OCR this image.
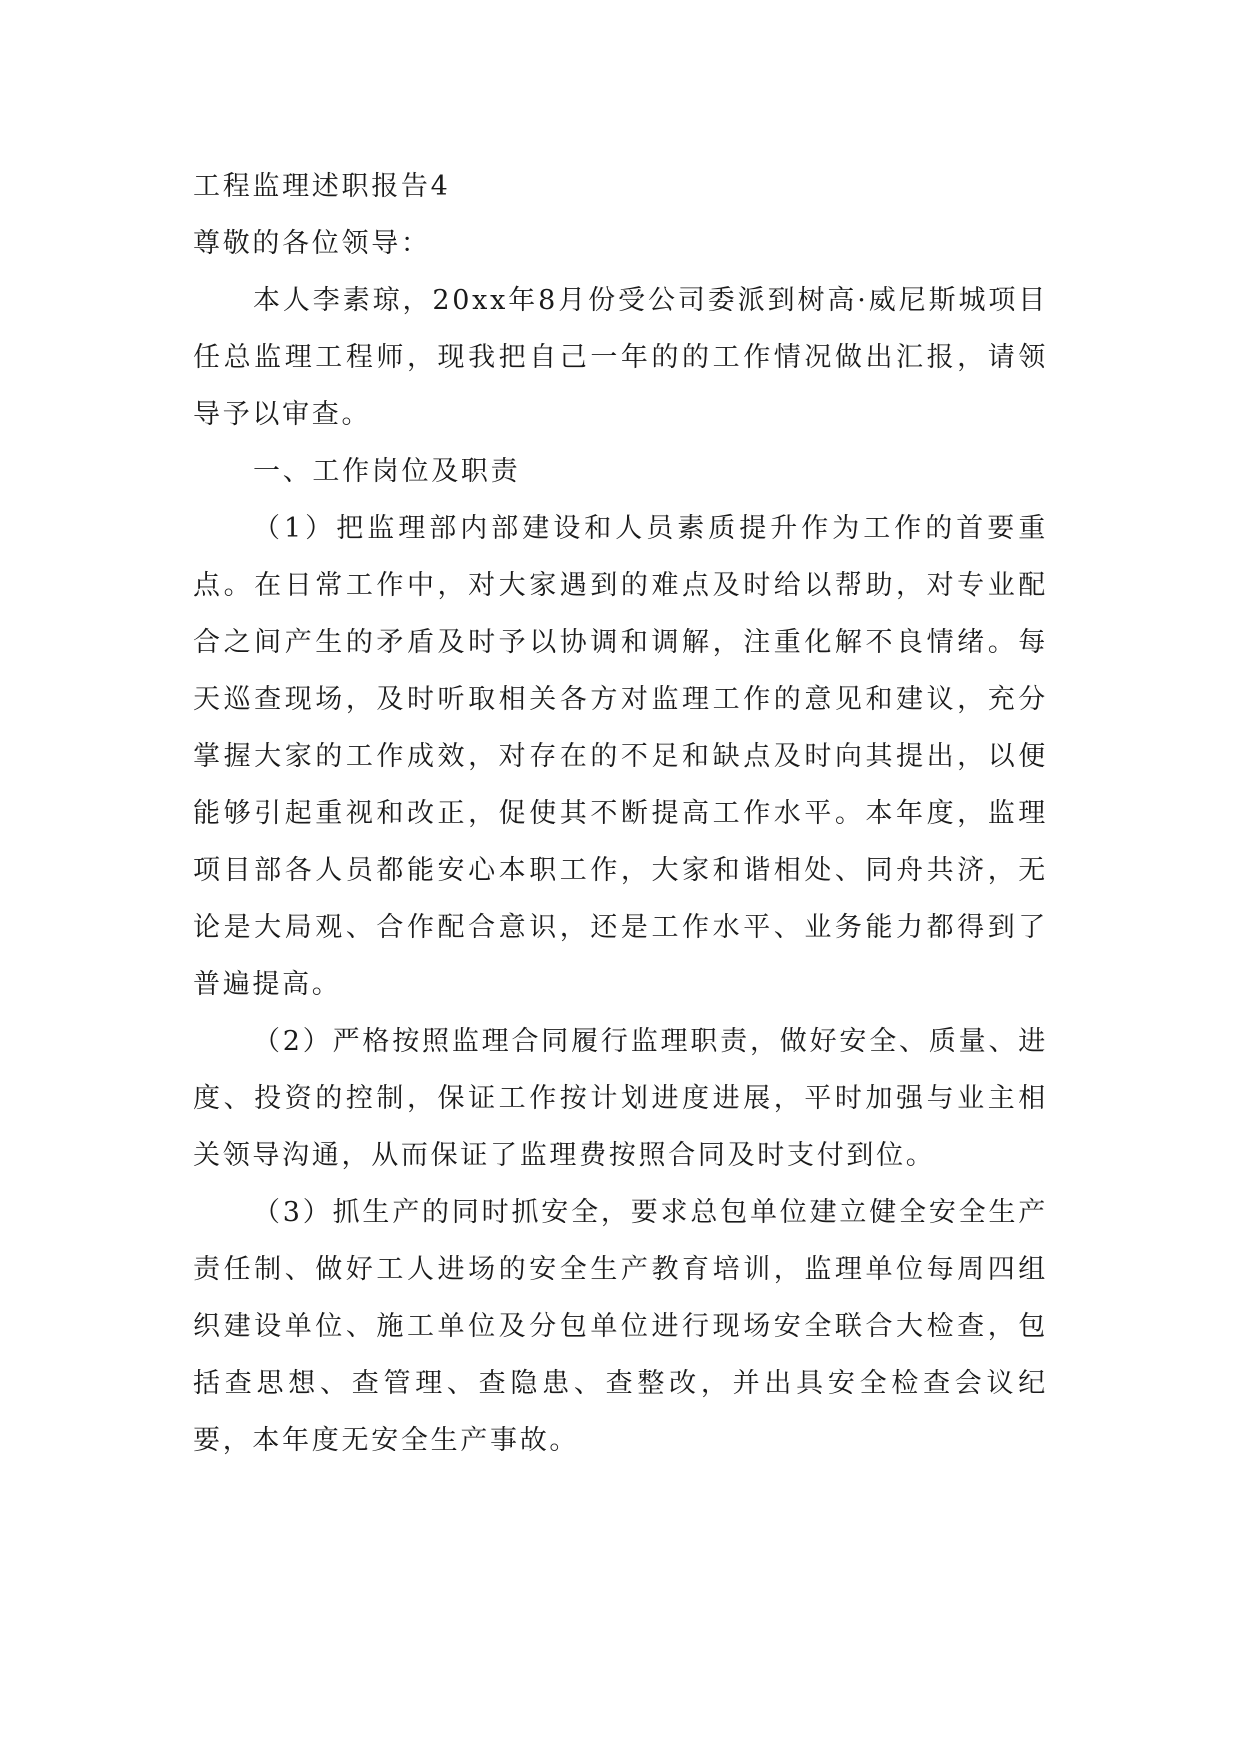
工程监理述职报告4

尊敬的各位领导：

本人李素琼，20xx年8月份受公司委派到树高·威尼斯城项目任总监理工程师，现我把自己一年的的工作情况做出汇报，请领导予以审查。

一、工作岗位及职责

（1）把监理部内部建设和人员素质提升作为工作的首要重点。在日常工作中，对大家遇到的难点及时给以帮助，对专业配合之间产生的矛盾及时予以协调和调解，注重化解不良情绪。每天巡查现场，及时听取相关各方对监理工作的意见和建议，充分掌握大家的工作成效，对存在的不足和缺点及时向其提出，以便能够引起重视和改正，促使其不断提高工作水平。本年度，监理项目部各人员都能安心本职工作，大家和谐相处、同舟共济，无论是大局观、合作配合意识，还是工作水平、业务能力都得到了普遍提高。

（2）严格按照监理合同履行监理职责，做好安全、质量、进度、投资的控制，保证工作按计划进度进展，平时加强与业主相关领导沟通，从而保证了监理费按照合同及时支付到位。

（3）抓生产的同时抓安全，要求总包单位建立健全安全生产责任制、做好工人进场的安全生产教育培训，监理单位每周四组织建设单位、施工单位及分包单位进行现场安全联合大检查，包括查思想、查管理、查隐患、查整改，并出具安全检查会议纪要，本年度无安全生产事故。
